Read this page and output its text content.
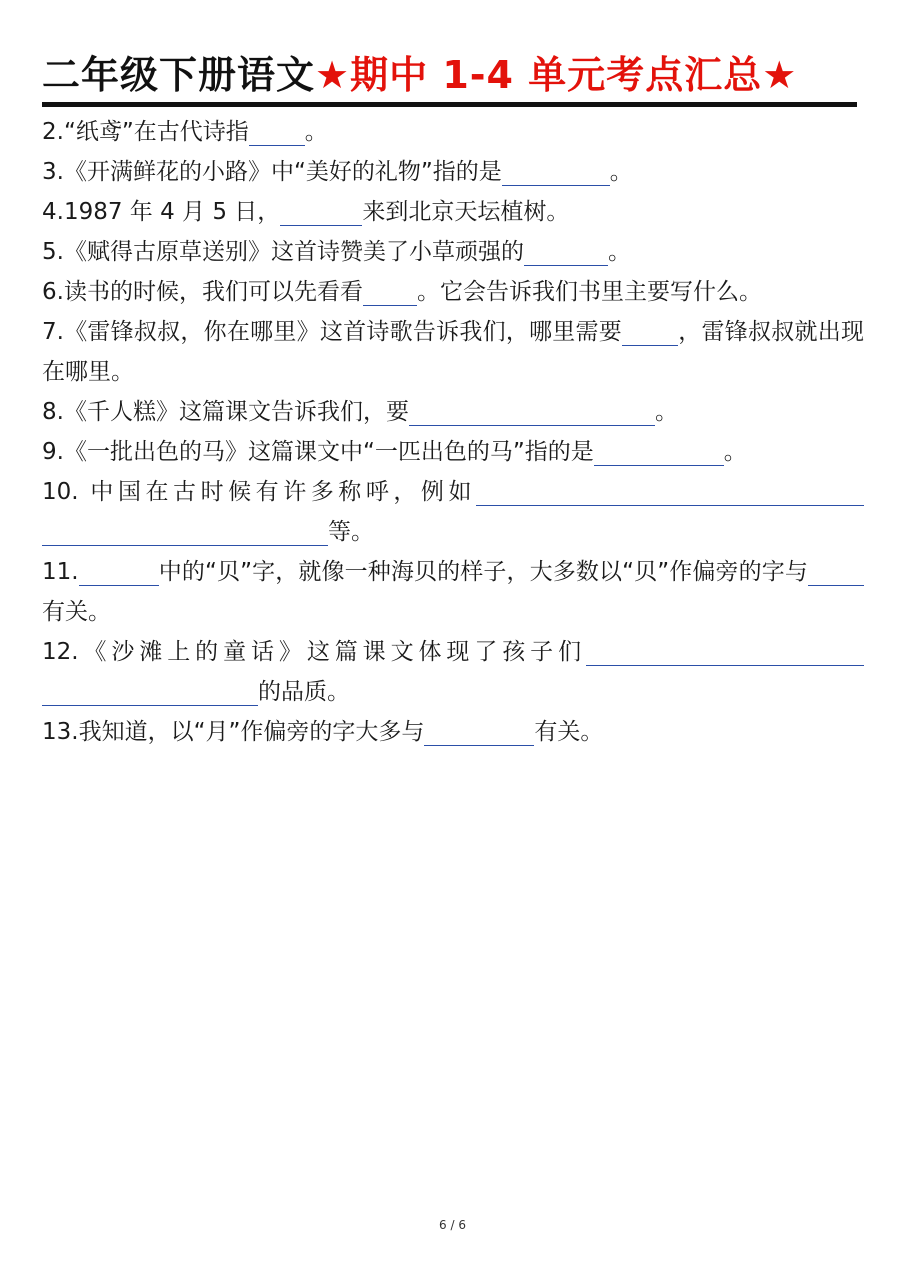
二年级下册语文★期中 1-4 单元考点汇总★

2.“纸鸢”在古代诗指 。

3.《开满鲜花的小路》中“美好的礼物”指的是	。

4.1987 年 4 月 5 日，	来到北京天坛植树。

5.《赋得古原草送别》这首诗赞美了小草顽强的	。

6.读书的时候，我们可以先看看 。它会告诉我们书里主要写什么。

7.《雷锋叔叔，你在哪里》这首诗歌告诉我们，哪里需要 ，雷锋叔叔就出现在哪里。

8.《千人糕》这篇课文告诉我们，要	。

9.《一批出色的马》这篇课文中“一匹出色的马”指的是	。

10. 中国在古时候有许多称呼，例如等。

11.	中的“贝”字，就像一种海贝的样子，大多数以“贝”作偏旁的字与有关。

12.《沙滩上的童话》这篇课文体现了孩子们的品质。

13.我知道，以“月”作偏旁的字大多与	有关。

6 / 6
